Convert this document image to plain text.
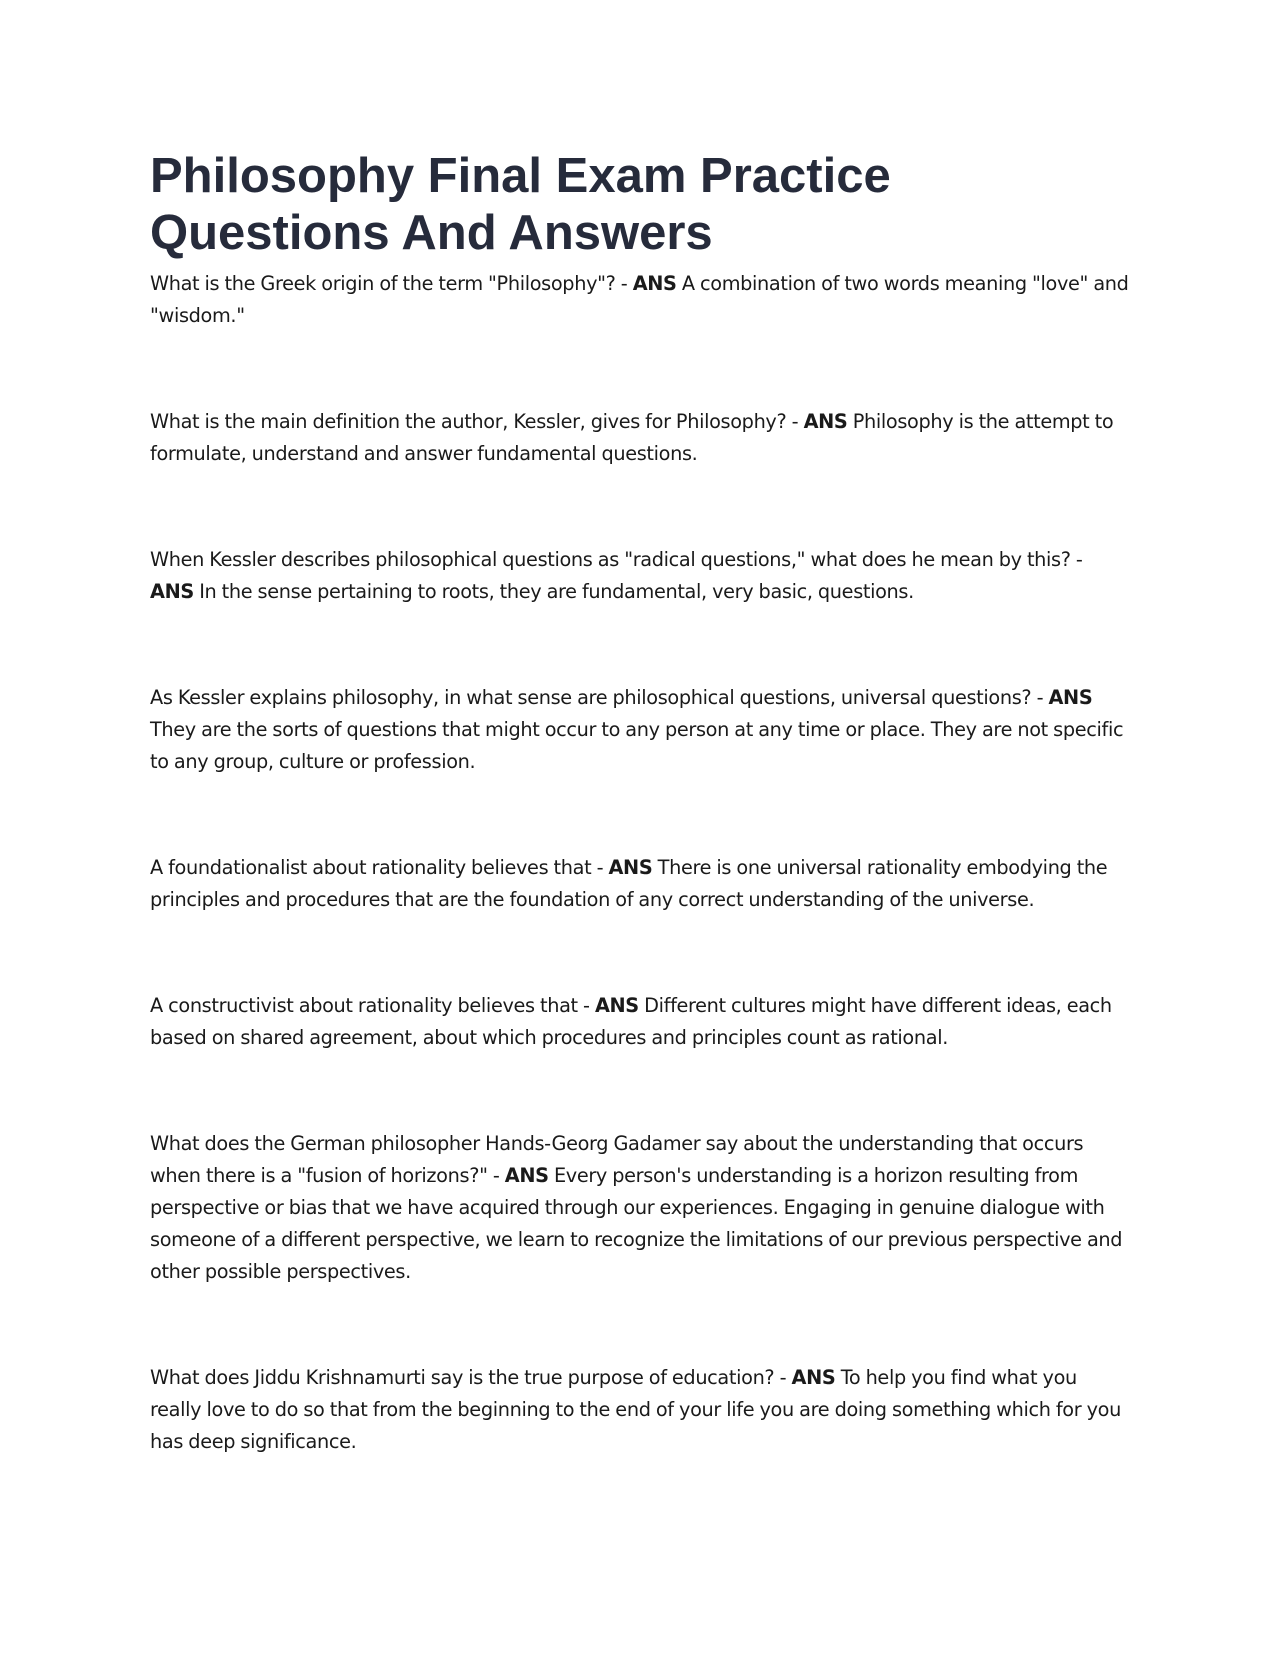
Philosophy Final Exam Practice Questions And Answers

What is the Greek origin of the term "Philosophy"? - ANS A combination of two words meaning "love" and "wisdom."

What is the main definition the author, Kessler, gives for Philosophy? - ANS Philosophy is the attempt to formulate, understand and answer fundamental questions.

When Kessler describes philosophical questions as "radical questions," what does he mean by this? - ANS In the sense pertaining to roots, they are fundamental, very basic, questions.

As Kessler explains philosophy, in what sense are philosophical questions, universal questions? - ANS They are the sorts of questions that might occur to any person at any time or place. They are not specific to any group, culture or profession.

A foundationalist about rationality believes that - ANS There is one universal rationality embodying the principles and procedures that are the foundation of any correct understanding of the universe.

A constructivist about rationality believes that - ANS Different cultures might have different ideas, each based on shared agreement, about which procedures and principles count as rational.

What does the German philosopher Hands-Georg Gadamer say about the understanding that occurs when there is a "fusion of horizons?" - ANS Every person's understanding is a horizon resulting from perspective or bias that we have acquired through our experiences. Engaging in genuine dialogue with someone of a different perspective, we learn to recognize the limitations of our previous perspective and other possible perspectives.

What does Jiddu Krishnamurti say is the true purpose of education? - ANS To help you find what you really love to do so that from the beginning to the end of your life you are doing something which for you has deep significance.
